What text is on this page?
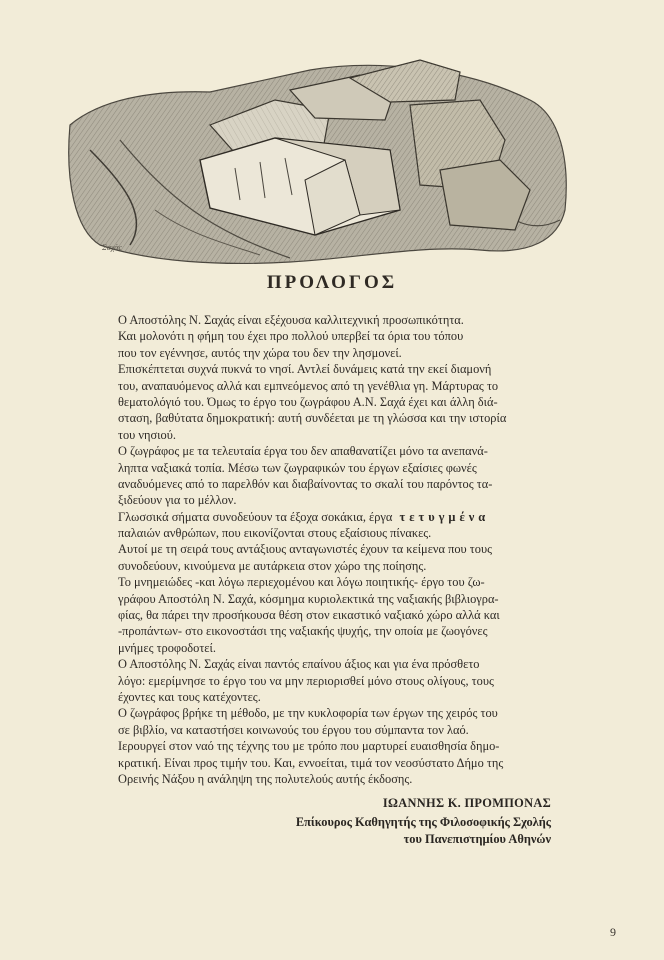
Σαχάς
ΠΡΟΛΟΓΟΣ
Ο Αποστόλης Ν. Σαχάς είναι εξέχουσα καλλιτεχνική προσωπικότητα.
Και μολονότι η φήμη του έχει προ πολλού υπερβεί τα όρια του τόπου
που τον εγέννησε, αυτός την χώρα του δεν την λησμονεί.
Επισκέπτεται συχνά πυκνά το νησί. Αντλεί δυνάμεις κατά την εκεί διαμονή
του, αναπαυόμενος αλλά και εμπνεόμενος από τη γενέθλια γη. Μάρτυρας το
θεματολόγιό του. Όμως το έργο του ζωγράφου Α.Ν. Σαχά έχει και άλλη διά-
σταση, βαθύτατα δημοκρατική: αυτή συνδέεται με τη γλώσσα και την ιστορία
του νησιού.
Ο ζωγράφος με τα τελευταία έργα του δεν απαθανατίζει μόνο τα ανεπανά-
ληπτα ναξιακά τοπία. Μέσω των ζωγραφικών του έργων εξαίσιες φωνές
αναδυόμενες από το παρελθόν και διαβαίνοντας το σκαλί του παρόντος τα-
ξιδεύουν για το μέλλον.
Γλωσσικά σήματα συνοδεύουν τα έξοχα σοκάκια, έργα τετυγμένα
παλαιών ανθρώπων, που εικονίζονται στους εξαίσιους πίνακες.
Αυτοί με τη σειρά τους αντάξιους ανταγωνιστές έχουν τα κείμενα που τους
συνοδεύουν, κινούμενα με αυτάρκεια στον χώρο της ποίησης.
Το μνημειώδες -και λόγω περιεχομένου και λόγω ποιητικής- έργο του ζω-
γράφου Αποστόλη Ν. Σαχά, κόσμημα κυριολεκτικά της ναξιακής βιβλιογρα-
φίας, θα πάρει την προσήκουσα θέση στον εικαστικό ναξιακό χώρο αλλά και
-προπάντων- στο εικονοστάσι της ναξιακής ψυχής, την οποία με ζωογόνες
μνήμες τροφοδοτεί.
Ο Αποστόλης Ν. Σαχάς είναι παντός επαίνου άξιος και για ένα πρόσθετο
λόγο: εμερίμνησε το έργο του να μην περιορισθεί μόνο στους ολίγους, τους
έχοντες και τους κατέχοντες.
Ο ζωγράφος βρήκε τη μέθοδο, με την κυκλοφορία των έργων της χειρός του
σε βιβλίο, να καταστήσει κοινωνούς του έργου του σύμπαντα τον λαό.
Ιερουργεί στον ναό της τέχνης του με τρόπο που μαρτυρεί ευαισθησία δημο-
κρατική. Είναι προς τιμήν του. Και, εννοείται, τιμά τον νεοσύστατο Δήμο της
Ορεινής Νάξου η ανάληψη της πολυτελούς αυτής έκδοσης.
ΙΩΑΝΝΗΣ Κ. ΠΡΟΜΠΟΝΑΣ
Επίκουρος Καθηγητής της Φιλοσοφικής Σχολής
του Πανεπιστημίου Αθηνών
9
